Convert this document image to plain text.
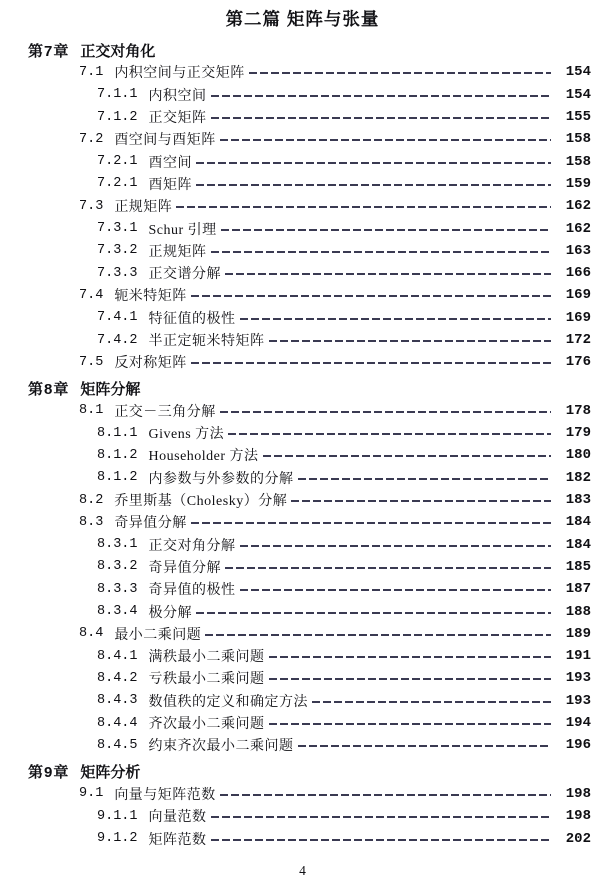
第二篇 矩阵与张量
第7章 正交对角化
7.1 内积空间与正交矩阵	154
7.1.1 内积空间	154
7.1.2 正交矩阵	155
7.2 酉空间与酉矩阵	158
7.2.1 酉空间	158
7.2.1 酉矩阵	159
7.3 正规矩阵	162
7.3.1 Schur 引理	162
7.3.2 正规矩阵	163
7.3.3 正交谱分解	166
7.4 轭米特矩阵	169
7.4.1 特征值的极性	169
7.4.2 半正定轭米特矩阵	172
7.5 反对称矩阵	176
第8章 矩阵分解
8.1 正交－三角分解	178
8.1.1 Givens 方法	179
8.1.2 Householder 方法	180
8.1.2 内参数与外参数的分解	182
8.2 乔里斯基（Cholesky）分解	183
8.3 奇异值分解	184
8.3.1 正交对角分解	184
8.3.2 奇异值分解	185
8.3.3 奇异值的极性	187
8.3.4 极分解	188
8.4 最小二乘问题	189
8.4.1 满秩最小二乘问题	191
8.4.2 亏秩最小二乘问题	193
8.4.3 数值秩的定义和确定方法	193
8.4.4 齐次最小二乘问题	194
8.4.5 约束齐次最小二乘问题	196
第9章 矩阵分析
9.1 向量与矩阵范数	198
9.1.1 向量范数	198
9.1.2 矩阵范数	202
4
